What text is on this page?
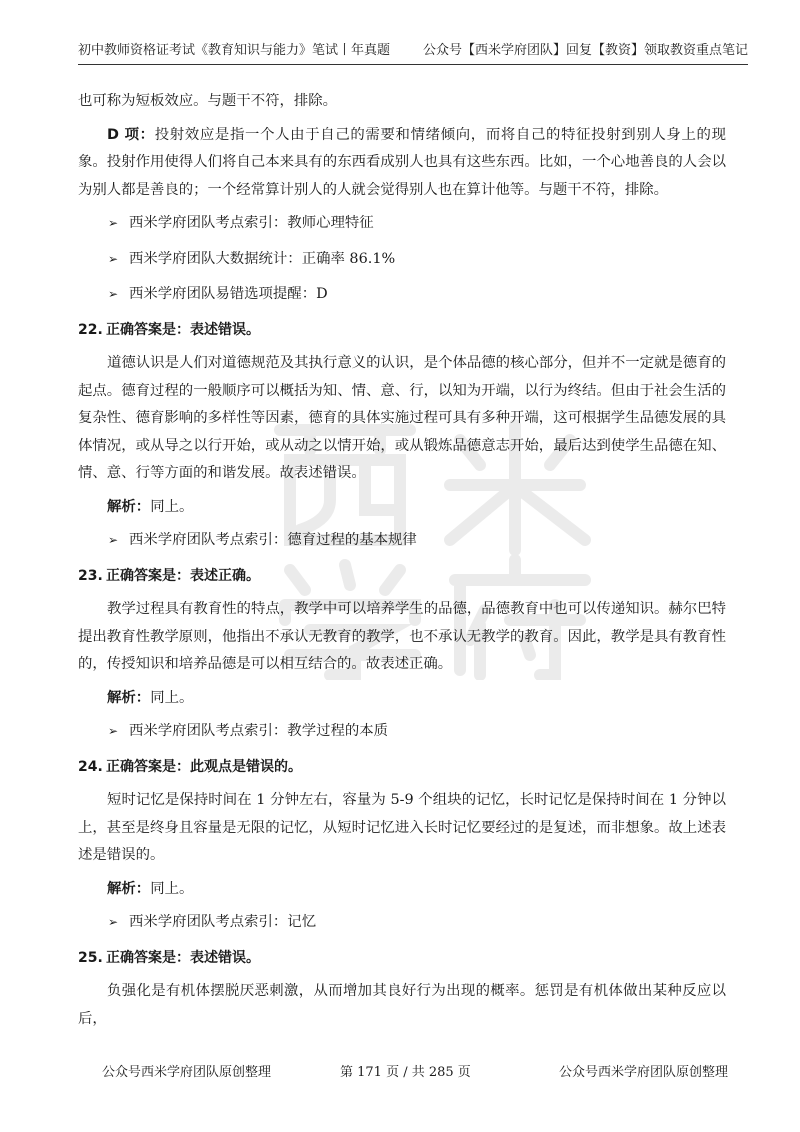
初中教师资格证考试《教育知识与能力》笔试丨年真题	公众号【西米学府团队】回复【教资】领取教资重点笔记

也可称为短板效应。与题干不符，排除。

D 项：投射效应是指一个人由于自己的需要和情绪倾向，而将自己的特征投射到别人身上的现象。投射作用使得人们将自己本来具有的东西看成别人也具有这些东西。比如，一个心地善良的人会以为别人都是善良的；一个经常算计别人的人就会觉得别人也在算计他等。与题干不符，排除。

➢ 西米学府团队考点索引：教师心理特征
➢ 西米学府团队大数据统计：正确率 86.1%
➢ 西米学府团队易错选项提醒：D
22. 正确答案是：表述错误。

道德认识是人们对道德规范及其执行意义的认识，是个体品德的核心部分，但并不一定就是德育的起点。德育过程的一般顺序可以概括为知、情、意、行，以知为开端，以行为终结。但由于社会生活的复杂性、德育影响的多样性等因素，德育的具体实施过程可具有多种开端，这可根据学生品德发展的具体情况，或从导之以行开始，或从动之以情开始，或从锻炼品德意志开始，最后达到使学生品德在知、情、意、行等方面的和谐发展。故表述错误。

解析：同上。
➢ 西米学府团队考点索引：德育过程的基本规律
23. 正确答案是：表述正确。

教学过程具有教育性的特点，教学中可以培养学生的品德，品德教育中也可以传递知识。赫尔巴特提出教育性教学原则，他指出不承认无教育的教学，也不承认无教学的教育。因此，教学是具有教育性的，传授知识和培养品德是可以相互结合的。故表述正确。

解析：同上。
➢ 西米学府团队考点索引：教学过程的本质
24. 正确答案是：此观点是错误的。

短时记忆是保持时间在 1 分钟左右，容量为 5-9 个组块的记忆，长时记忆是保持时间在 1 分钟以上，甚至是终身且容量是无限的记忆，从短时记忆进入长时记忆要经过的是复述，而非想象。故上述表述是错误的。

解析：同上。
➢ 西米学府团队考点索引：记忆
25. 正确答案是：表述错误。

负强化是有机体摆脱厌恶刺激，从而增加其良好行为出现的概率。惩罚是有机体做出某种反应以后，

公众号西米学府团队原创整理	第 171 页 / 共 285 页	公众号西米学府团队原创整理
